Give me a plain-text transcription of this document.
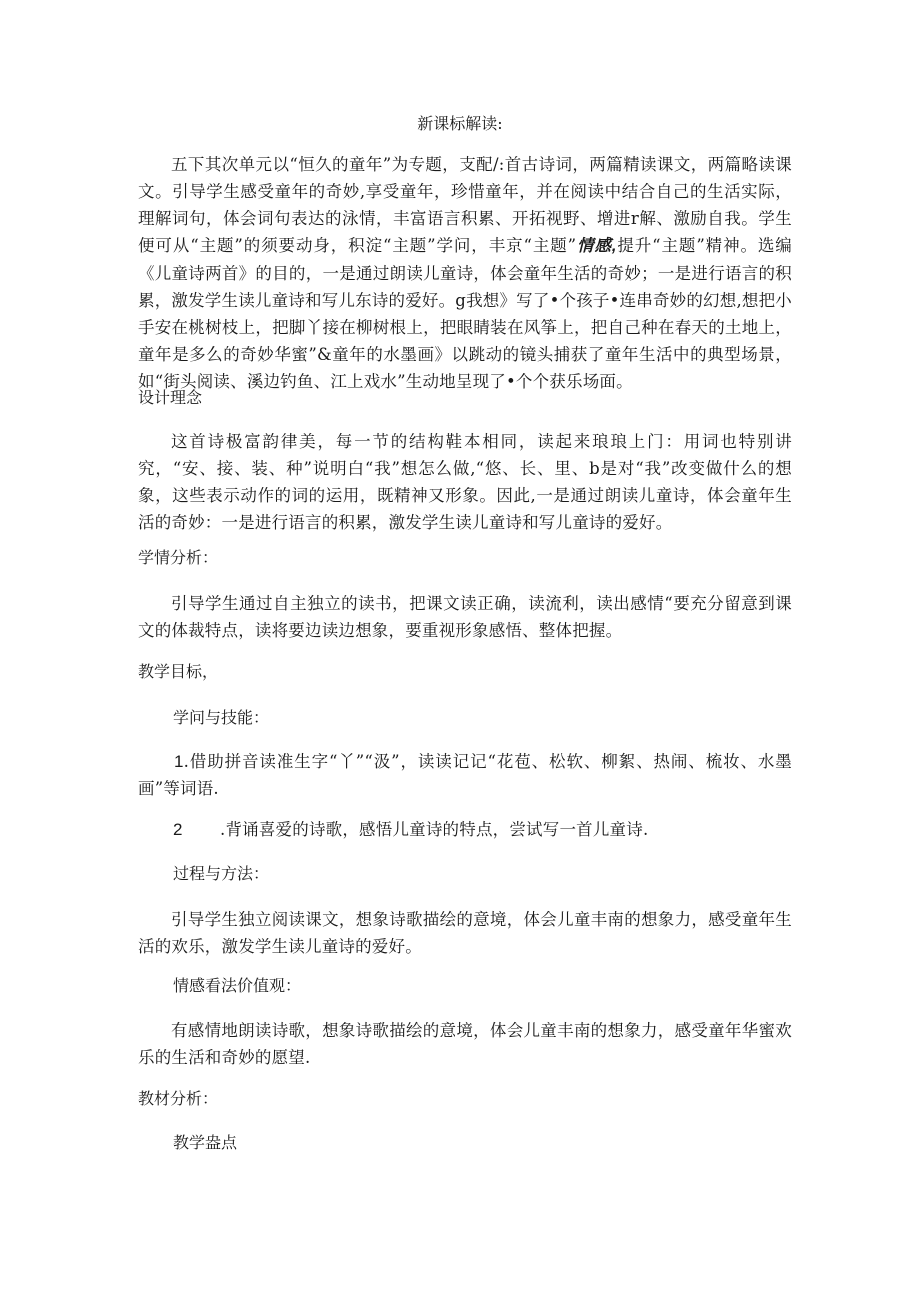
新课标解读:
五下其次单元以“恒久的童年”为专题，支配/:首古诗词，两篇精读课文，两篇略读课文。引导学生感受童年的奇妙,享受童年，珍惜童年，并在阅读中结合自己的生活实际，理解词句，体会词句表达的泳情，丰富语言积累、开拓视野、增进r解、激励自我。学生便可从“主题”的须要动身，积淀“主题”学问，丰京“主题”情感,提升“主题”精神。选编《儿童诗两首》的目的，一是通过朗读儿童诗，体会童年生活的奇妙；一是进行语言的积累，激发学生读儿童诗和写儿东诗的爱好。g我想》写了•个孩子•连串奇妙的幻想,想把小手安在桃树枝上，把脚丫接在柳树根上，把眼睛装在风筝上，把自己种在春天的土地上，童年是多么的奇妙华蜜”&童年的水墨画》以跳动的镜头捕获了童年生活中的典型场景，如“街头阅读、溪边钓鱼、江上戏水”生动地呈现了•个个获乐场面。
设计理念
这首诗极富韵律美，每一节的结构鞋本相同，读起来琅琅上门：用词也特别讲究，“安、接、装、种”说明白“我”想怎么做,“悠、长、里、b是对“我”改变做什么的想象，这些表示动作的词的运用，既精神又形象。因此,一是通过朗读儿童诗，体会童年生活的奇妙：一是进行语言的积累，激发学生读儿童诗和写儿童诗的爱好。
学情分析：
引导学生通过自主独立的读书，把课文读正确，读流利，读出感情“要充分留意到课文的体裁特点，读将要边读边想象，要重视形象感悟、整体把握。
教学目标，
学问与技能：
1.借助拼音读准生字“丫”“汲”，读读记记“花苞、松软、柳絮、热闹、梳妆、水墨画”等词语.
2 .背诵喜爱的诗歌，感悟儿童诗的特点，尝试写一首儿童诗.
过程与方法：
引导学生独立阅读课文，想象诗歌描绘的意境，体会儿童丰南的想象力，感受童年生活的欢乐，激发学生读儿童诗的爱好。
情感看法价值观：
有感情地朗读诗歌，想象诗歌描绘的意境，体会儿童丰南的想象力，感受童年华蜜欢乐的生活和奇妙的愿望.
教材分析：
教学盎点
